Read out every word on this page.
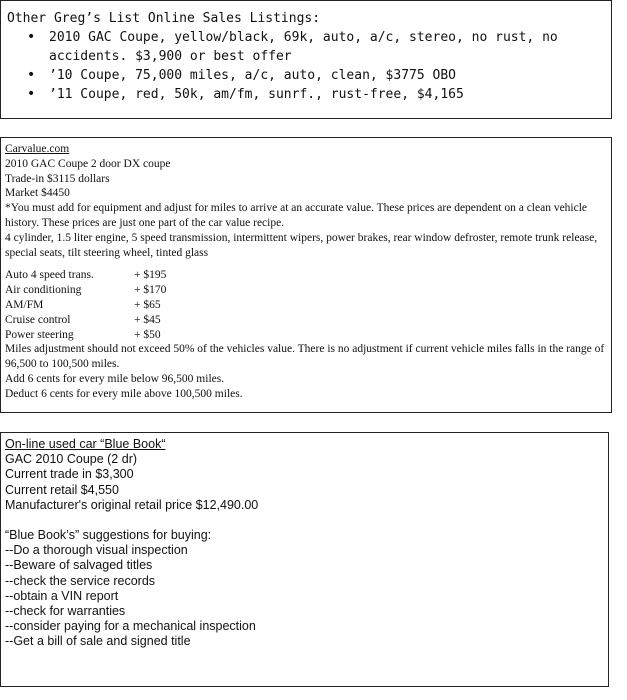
Other Greg’s List Online Sales Listings:
• 2010 GAC Coupe, yellow/black, 69k, auto, a/c, stereo, no rust, no accidents. $3,900 or best offer
• ’10 Coupe, 75,000 miles, a/c, auto, clean, $3775 OBO
• ’11 Coupe, red, 50k, am/fm, sunrf., rust-free, $4,165
Carvalue.com
2010 GAC Coupe 2 door DX coupe
Trade-in $3115 dollars
Market $4450
*You must add for equipment and adjust for miles to arrive at an accurate value. These prices are dependent on a clean vehicle history. These prices are just one part of the car value recipe.
4 cylinder, 1.5 liter engine, 5 speed transmission, intermittent wipers, power brakes, rear window defroster, remote trunk release, special seats, tilt steering wheel, tinted glass
Auto 4 speed trans.	+ $195
Air conditioning	+ $170
AM/FM	+ $65
Cruise control	+ $45
Power steering	+ $50
Miles adjustment should not exceed 50% of the vehicles value. There is no adjustment if current vehicle miles falls in the range of 96,500 to 100,500 miles.
Add 6 cents for every mile below 96,500 miles.
Deduct 6 cents for every mile above 100,500 miles.
On-line used car “Blue Book“
GAC 2010 Coupe (2 dr)
Current trade in $3,300
Current retail $4,550
Manufacturer's original retail price $12,490.00
“Blue Book’s” suggestions for buying:
--Do a thorough visual inspection
--Beware of salvaged titles
--check the service records
--obtain a VIN report
--check for warranties
--consider paying for a mechanical inspection
--Get a bill of sale and signed title
